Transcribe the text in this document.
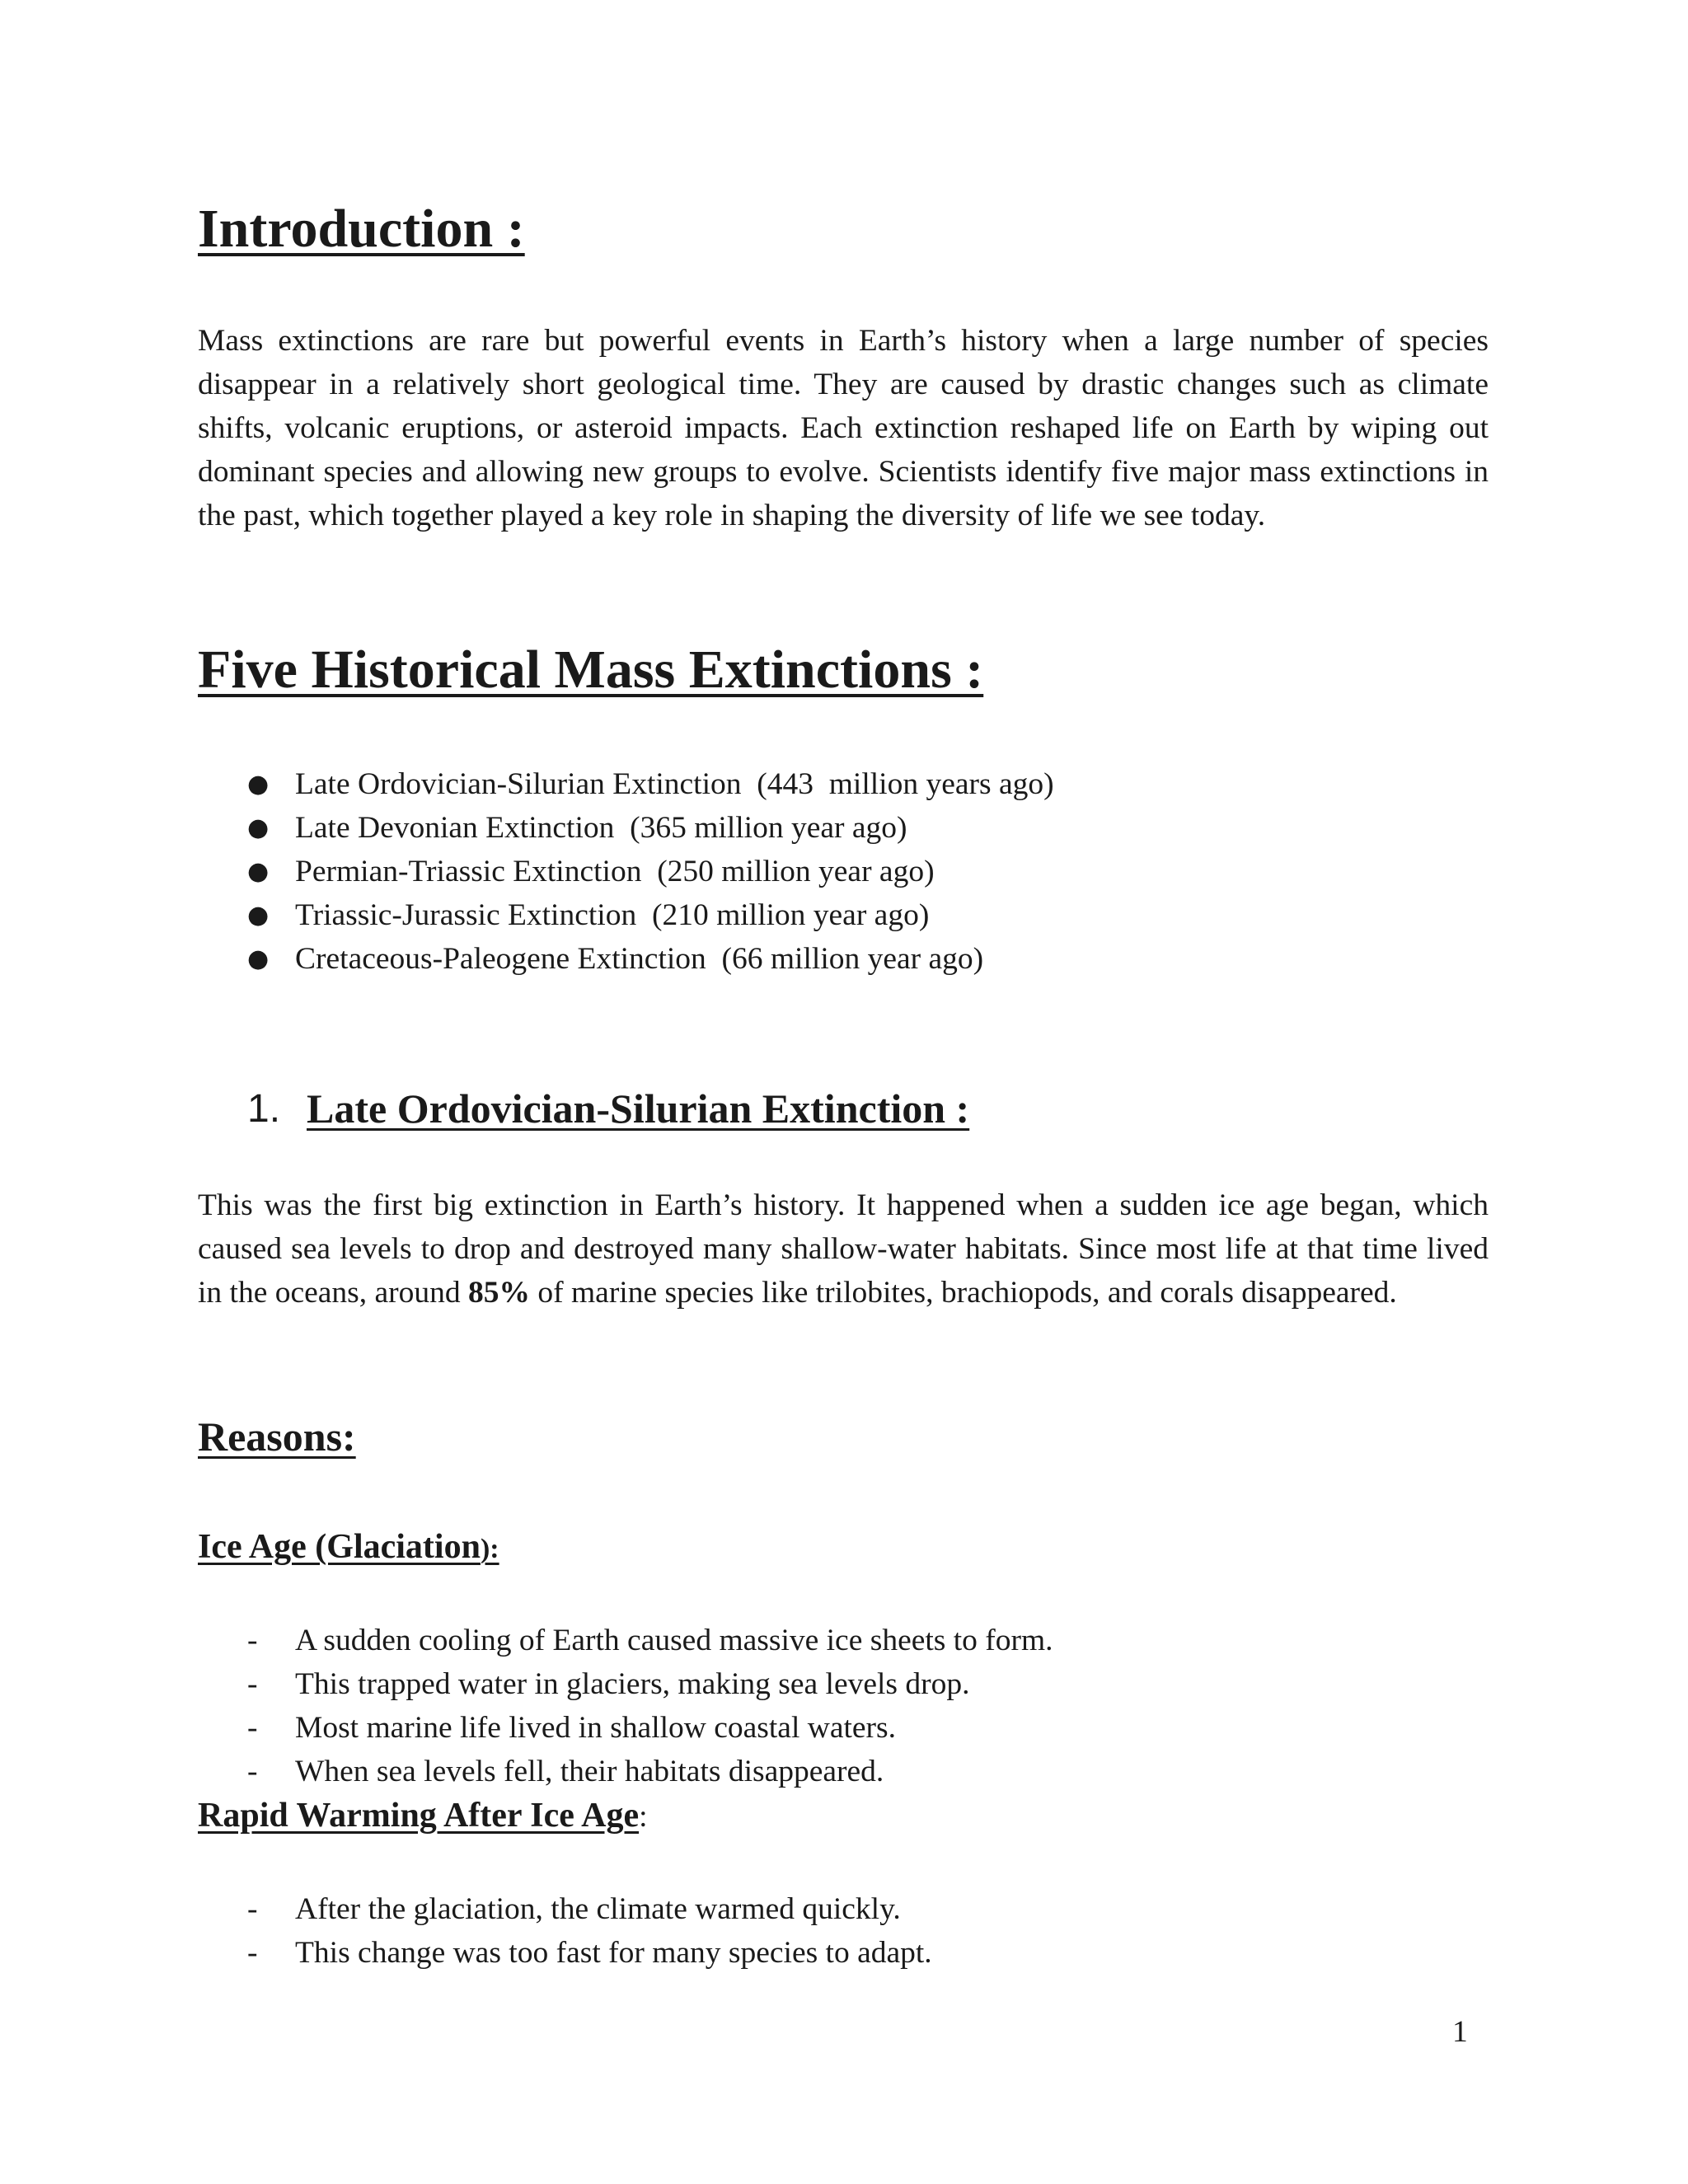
Introduction :

Mass extinctions are rare but powerful events in Earth’s history when a large number of species disappear in a relatively short geological time. They are caused by drastic changes such as climate shifts, volcanic eruptions, or asteroid impacts. Each extinction reshaped life on Earth by wiping out dominant species and allowing new groups to evolve. Scientists identify five major mass extinctions in the past, which together played a key role in shaping the diversity of life we see today.

Five Historical Mass Extinctions :
● Late Ordovician-Silurian Extinction  (443  million years ago)
● Late Devonian Extinction  (365 million year ago)
● Permian-Triassic Extinction  (250 million year ago)
● Triassic-Jurassic Extinction  (210 million year ago)
● Cretaceous-Paleogene Extinction  (66 million year ago)
1. Late Ordovician-Silurian Extinction :

This was the first big extinction in Earth’s history. It happened when a sudden ice age began, which caused sea levels to drop and destroyed many shallow-water habitats. Since most life at that time lived in the oceans, around 85% of marine species like trilobites, brachiopods, and corals disappeared.

Reasons:
Ice Age (Glaciation):
- A sudden cooling of Earth caused massive ice sheets to form.
- This trapped water in glaciers, making sea levels drop.
- Most marine life lived in shallow coastal waters.
- When sea levels fell, their habitats disappeared.
Rapid Warming After Ice Age:
- After the glaciation, the climate warmed quickly.
- This change was too fast for many species to adapt.
1
